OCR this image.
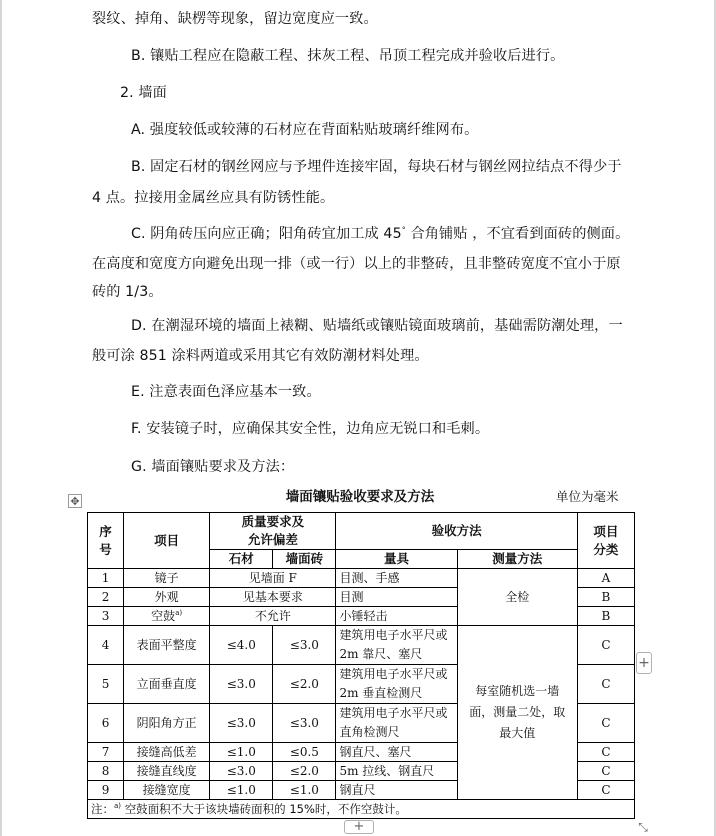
裂纹、掉角、缺楞等现象，留边宽度应一致。
B. 镶贴工程应在隐蔽工程、抹灰工程、吊顶工程完成并验收后进行。
2. 墙面
A. 强度较低或较薄的石材应在背面粘贴玻璃纤维网布。
B. 固定石材的钢丝网应与予埋件连接牢固，每块石材与钢丝网拉结点不得少于
4 点。拉接用金属丝应具有防锈性能。
C. 阴角砖压向应正确；阳角砖宜加工成 45° 合角铺贴 ，不宜看到面砖的侧面。
在高度和宽度方向避免出现一排（或一行）以上的非整砖，且非整砖宽度不宜小于原
砖的 1/3。
D. 在潮湿环境的墙面上裱糊、贴墙纸或镶贴镜面玻璃前，基础需防潮处理，一
般可涂 851 涂料两道或采用其它有效防潮材料处理。
E. 注意表面色泽应基本一致。
F. 安装镜子时，应确保其安全性，边角应无锐口和毛刺。
G. 墙面镶贴要求及方法：
墙面镶贴验收要求及方法	单位为毫米
✥
序
号	项目	质量要求及
允许偏差		验收方法		项目
分类
		石材	墙面砖	量具	测量方法	
1	镜子	见墙面 F		目测、手感	全检	A
2	外观	见基本要求		目测		B
3	空鼓$^{a)}$	不允许		小锤轻击		B
4	表面平整度	≤4.0	≤3.0	建筑用电子水平尺或
2m 靠尺、塞尺	每室随机选一墙
面，测量二处，取
最大值	C
5	立面垂直度	≤3.0	≤2.0	建筑用电子水平尺或
2m 垂直检测尺		C
6	阴阳角方正	≤3.0	≤3.0	建筑用电子水平尺或
直角检测尺		C
7	接缝高低差	≤1.0	≤0.5	钢直尺、塞尺		C
8	接缝直线度	≤3.0	≤2.0	5m 拉线、钢直尺		C
9	接缝宽度	≤1.0	≤1.0	钢直尺		C
注：$^{a)}$ 空鼓面积不大于该块墙砖面积的 15%时，不作空鼓计。						
+
+	⤡
